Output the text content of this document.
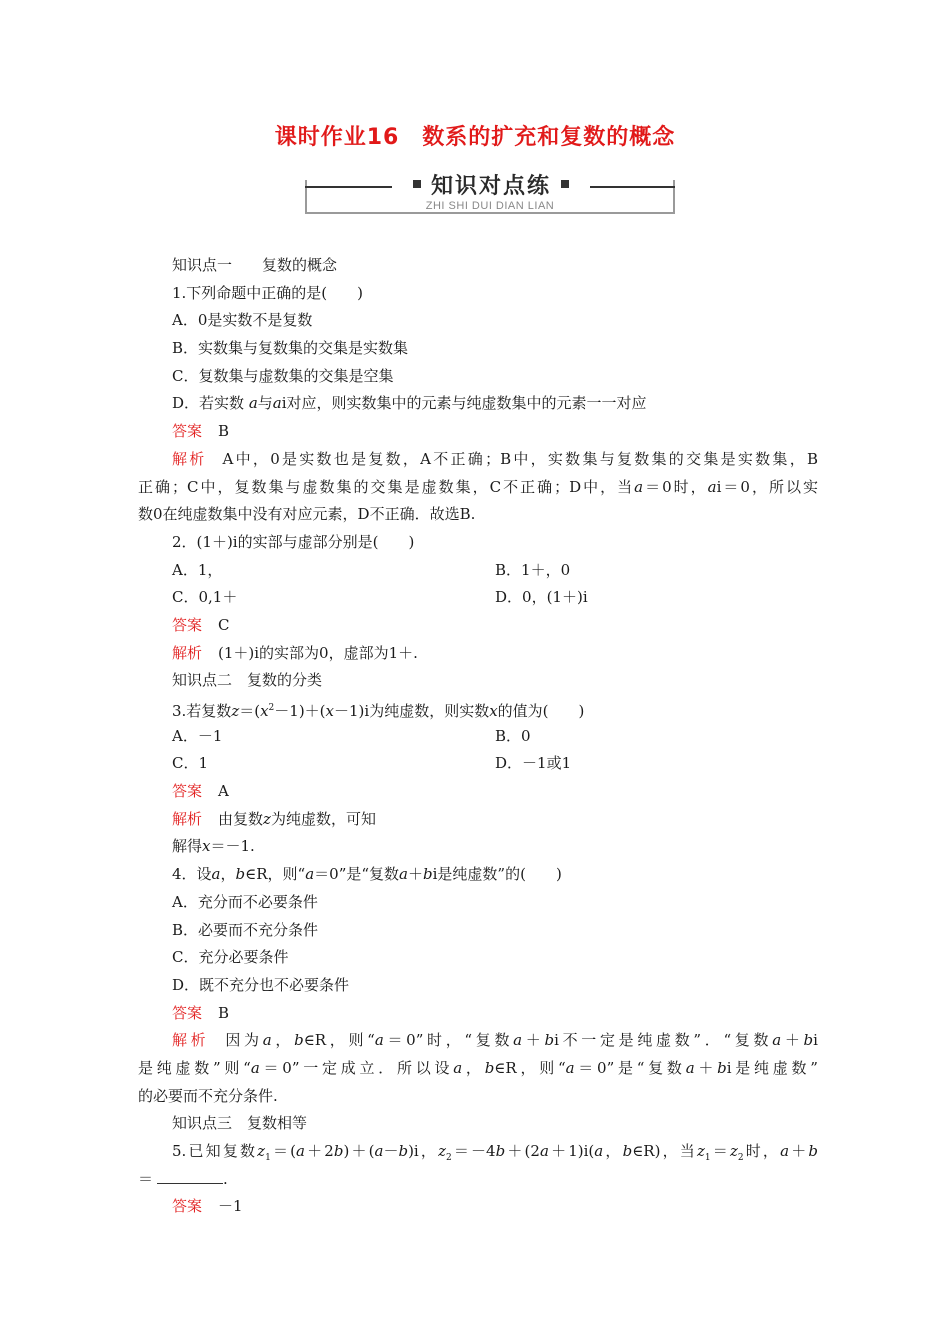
课时作业16　数系的扩充和复数的概念
知识对点练
ZHI SHI DUI DIAN LIAN
知识点一　　复数的概念
1.下列命题中正确的是(　　)
A．0是实数不是复数
B．实数集与复数集的交集是实数集
C．复数集与虚数集的交集是空集
D．若实数 a与ai对应，则实数集中的元素与纯虚数集中的元素一一对应
答案 B
解析 A中，0是实数也是复数，A不正确；B中，实数集与复数集的交集是实数集，B
正确；C中，复数集与虚数集的交集是虚数集，C不正确；D中，当a＝0时，ai＝0，所以实
数0在纯虚数集中没有对应元素，D不正确．故选B.
2．(1＋)i的实部与虚部分别是(　　)
A．1，	B．1＋，0
C．0,1＋	D．0，(1＋)i
答案 C
解析 (1＋)i的实部为0，虚部为1＋.
知识点二　复数的分类
3.若复数$z=(x^2-1)+(x-1)i$为纯虚数，则实数x的值为(　　)
A．－1	B．0
C．1	D．－1或1
答案 A
解析 由复数z为纯虚数，可知
解得x＝－1.
4．设a，b∈R，则“a＝0”是“复数a＋bi是纯虚数”的(　　)
A．充分而不必要条件
B．必要而不充分条件
C．充分必要条件
D．既不充分也不必要条件
答案 B
解析 因为a，b∈R，则“a＝0”时，“复数a＋bi不一定是纯虚数”．“复数a＋bi
是纯虚数”则“a＝0”一定成立．所以设a，b∈R，则“a＝0”是“复数a＋bi是纯虚数”
的必要而不充分条件.
知识点三　复数相等
5.已知复数$z_1=(a+2b)+(a-b)i$，$z_2=-4b+(2a+1)i(a$，b∈R)，当$z_1=z_2$时，a＋b
＝	.
答案 －1
